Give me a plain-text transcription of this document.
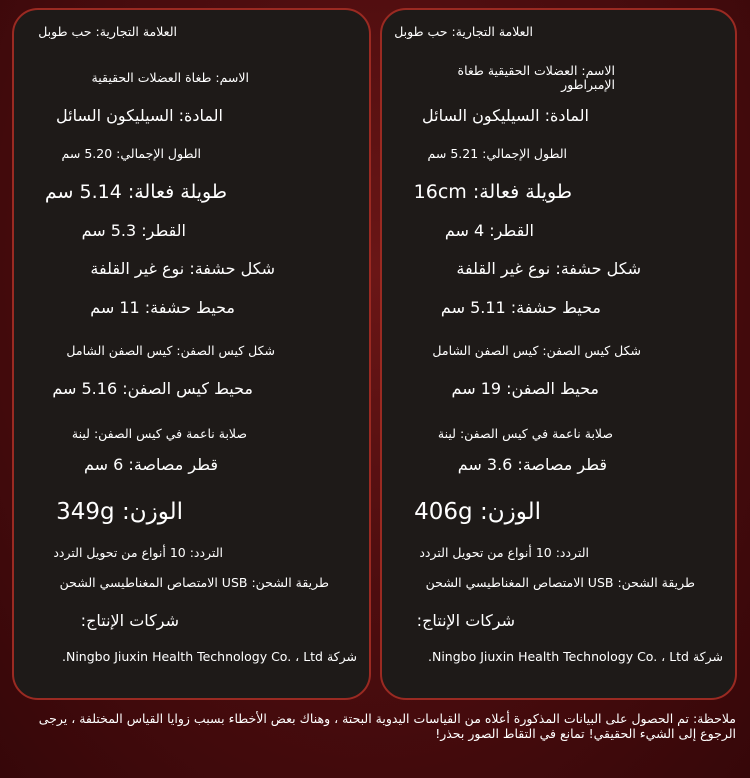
العلامة التجارية: حب طوبل
الاسم: طغاة العضلات الحقيقية
المادة: السيليكون السائل
الطول الإجمالي: 5.20 سم
طويلة فعالة: 5.14 سم
القطر: 5.3 سم
شكل حشفة: نوع غير القلفة
محيط حشفة: 11 سم
شكل كيس الصفن: كيس الصفن الشامل
محيط كيس الصفن: 5.16 سم
صلابة ناعمة في كيس الصفن: لينة
قطر مصاصة: 6 سم
الوزن: 349g
التردد: 10 أنواع من تحويل التردد
طريقة الشحن: USB الامتصاص المغناطيسي الشحن
شركات الإنتاج:
شركة Ningbo Jiuxin Health Technology Co. ، Ltd.
العلامة التجارية: حب طوبل
الاسم: العضلات الحقيقية طغاة الإمبراطور
المادة: السيليكون السائل
الطول الإجمالي: 5.21 سم
طويلة فعالة: 16cm
القطر: 4 سم
شكل حشفة: نوع غير القلفة
محيط حشفة: 5.11 سم
شكل كيس الصفن: كيس الصفن الشامل
محيط الصفن: 19 سم
صلابة ناعمة في كيس الصفن: لينة
قطر مصاصة: 3.6 سم
الوزن: 406g
التردد: 10 أنواع من تحويل التردد
طريقة الشحن: USB الامتصاص المغناطيسي الشحن
شركات الإنتاج:
شركة Ningbo Jiuxin Health Technology Co. ، Ltd.
ملاحظة: تم الحصول على البيانات المذكورة أعلاه من القياسات اليدوية البحتة ، وهناك بعض الأخطاء بسبب زوايا القياس المختلفة ، يرجى الرجوع إلى الشيء الحقيقي! تمانع في التقاط الصور بحذر!
